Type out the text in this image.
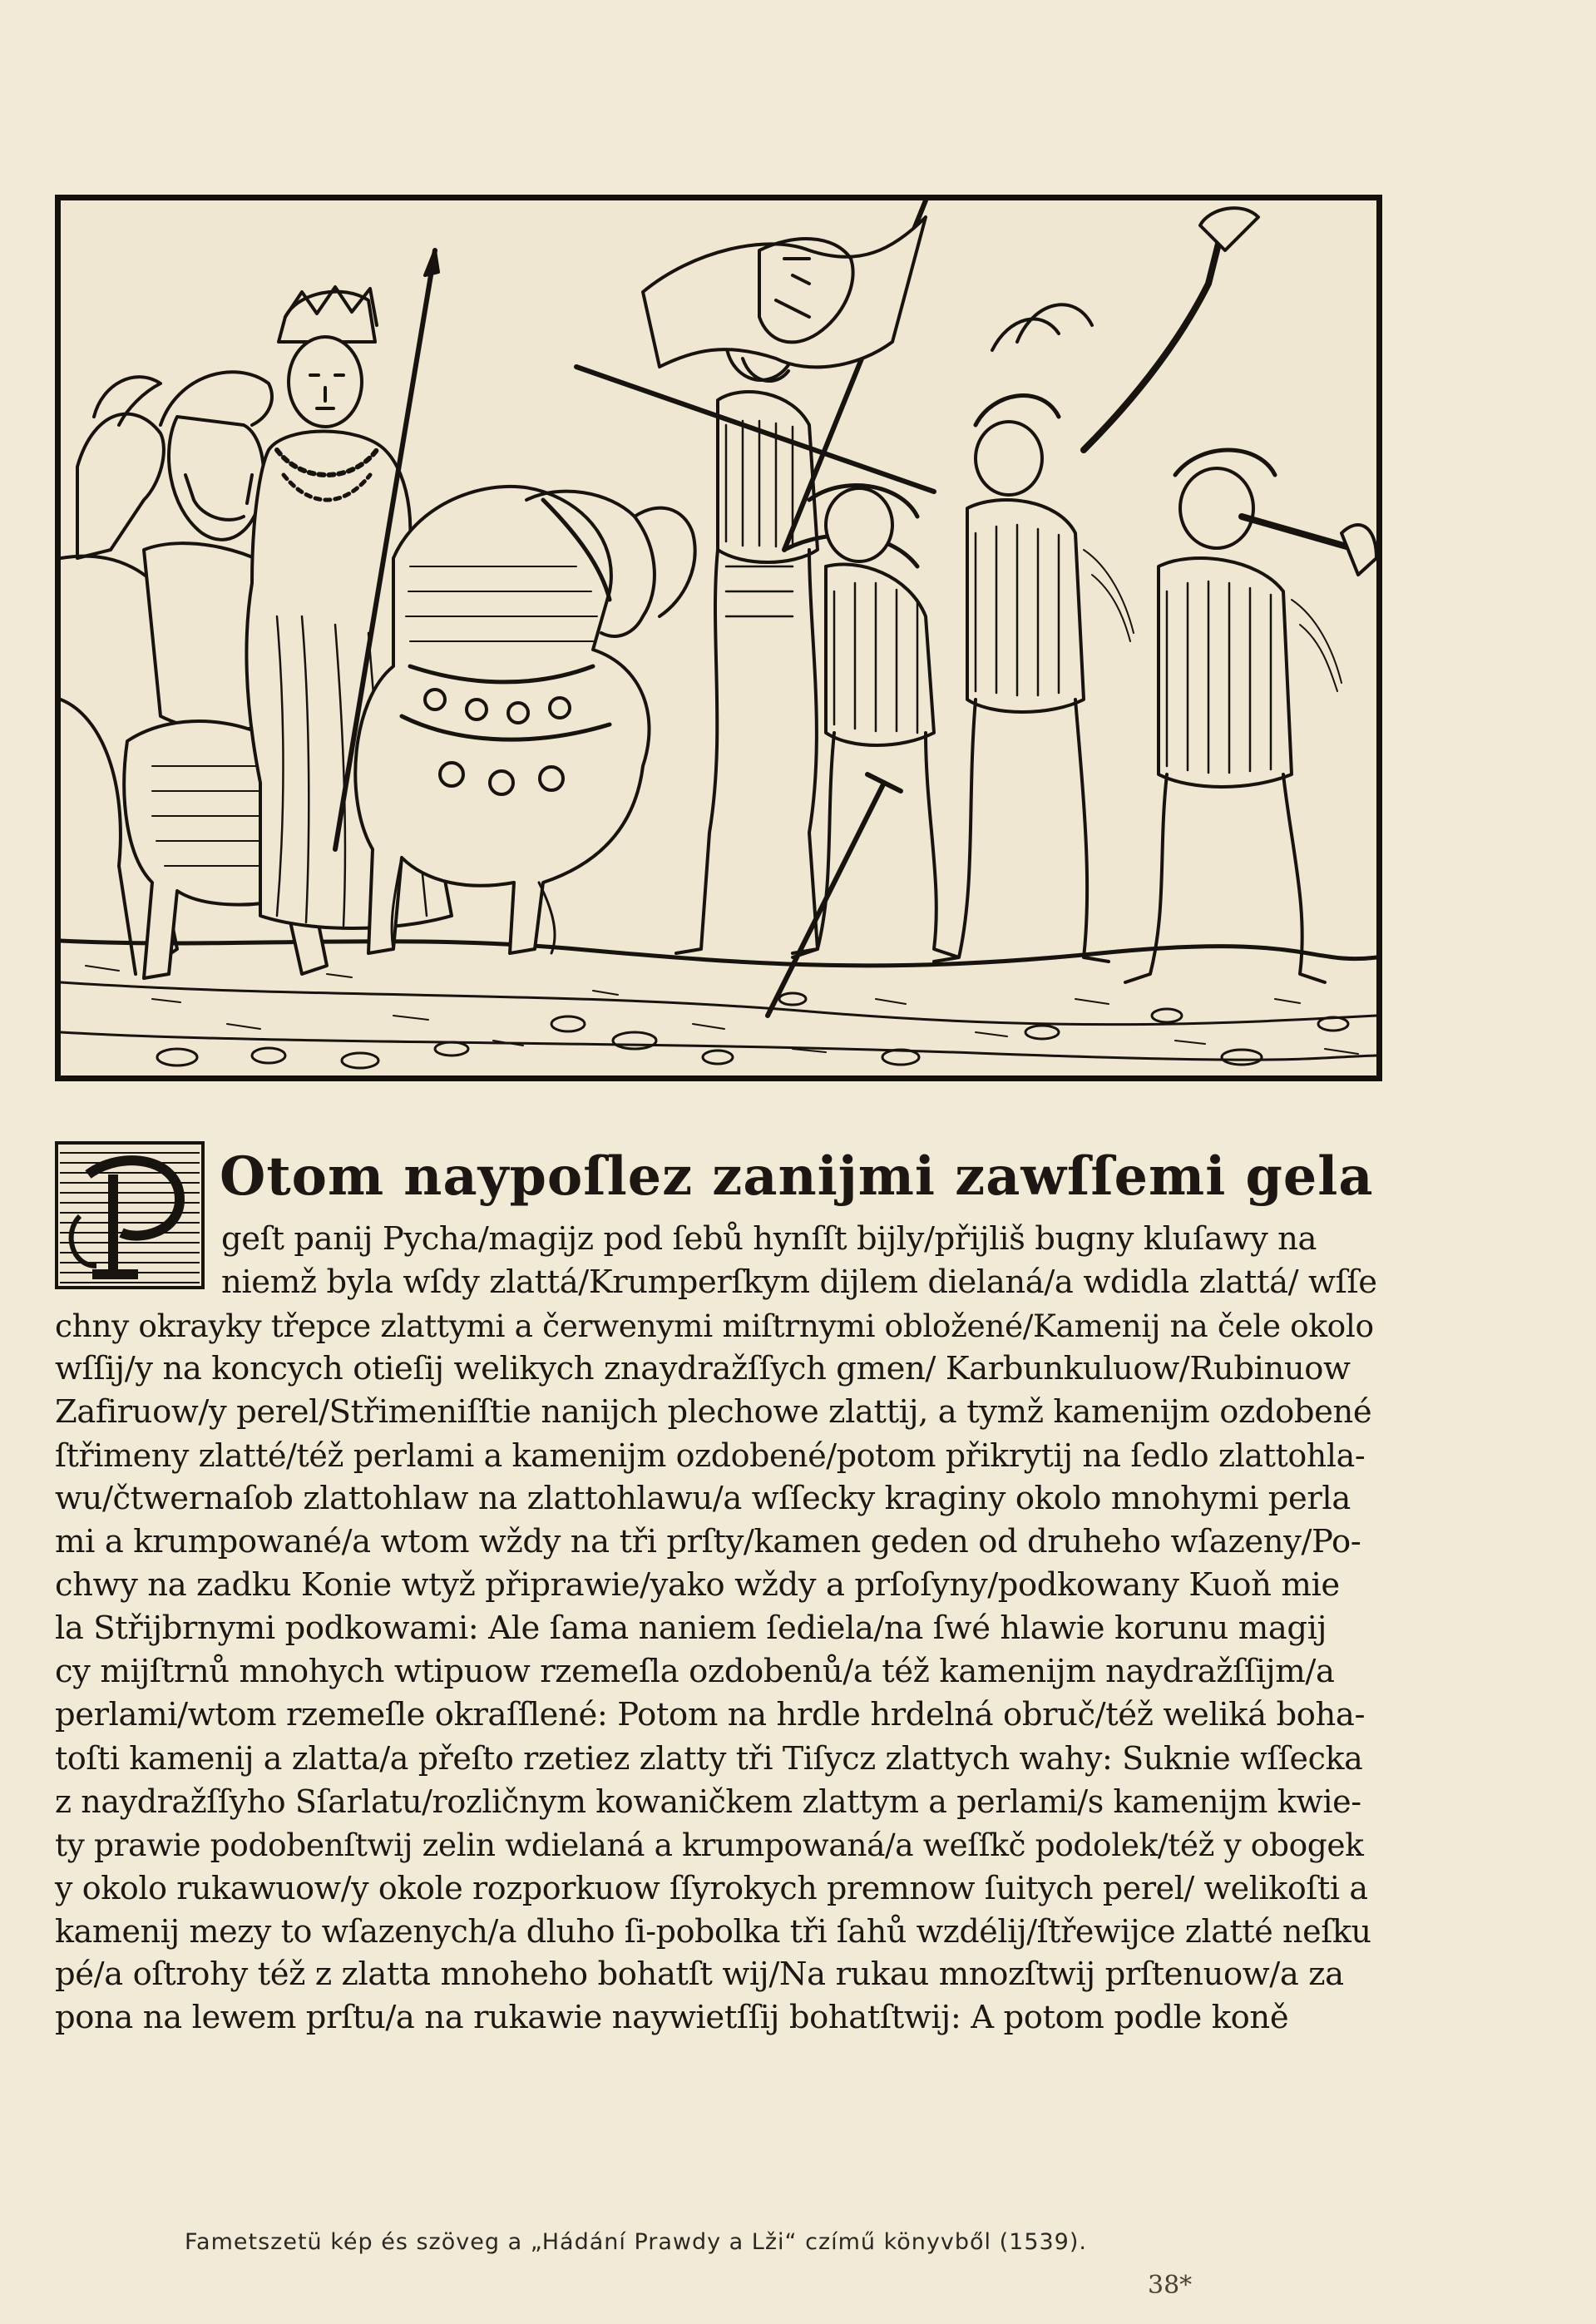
P
Otom naypoſlez zanijmi zawſſemi gela
geſt panij Pycha/magijz pod ſebů hynſſt bijly/přijliš bugny kluſawy na
niemž byla wſdy zlattá/Krumperſkym dijlem dielaná/a wdidla zlattá/ wſſe
chny okrayky třepce zlattymi a čerwenymi miſtrnymi obložené/Kamenij na čele okolo
wſſij/y na koncych otieſij welikych znaydražſſych gmen/ Karbunkuluow/Rubinuow
Zafiruow/y perel/Střimeniſſtie nanijch plechowe zlattij, a tymž kamenijm ozdobené
ſtřimeny zlatté/též perlami a kamenijm ozdobené/potom přikrytij na ſedlo zlattohla-
wu/čtwernaſob zlattohlaw na zlattohlawu/a wſſecky kraginy okolo mnohymi perla
mi a krumpowané/a wtom wždy na tři prſty/kamen geden od druheho wſazeny/Po-
chwy na zadku Konie wtyž připrawie/yako wždy a prſoſyny/podkowany Kuoň mie
la Střijbrnymi podkowami: Ale ſama naniem ſediela/na ſwé hlawie korunu magij
cy mijſtrnů mnohych wtipuow rzemeſla ozdobenů/a též kamenijm naydražſſijm/a
perlami/wtom rzemeſle okraſſlené: Potom na hrdle hrdelná obruč/též weliká boha-
toſti kamenij a zlatta/a přeſto rzetiez zlatty tři Tiſycz zlattych wahy: Suknie wſſecka
z naydražſſyho Sſarlatu/rozličnym kowaničkem zlattym a perlami/s kamenijm kwie-
ty prawie podobenſtwij zelin wdielaná a krumpowaná/a weſſkč podolek/též y obogek
y okolo rukawuow/y okole rozporkuow ſſyrokych premnow ſuitych perel/ welikoſti a
kamenij mezy to wſazenych/a dluho ſi-pobolka tři ſahů wzdélij/ſtřewijce zlatté neſku
pé/a oſtrohy též z zlatta mnoheho bohatſt wij/Na rukau mnozſtwij prſtenuow/a za
pona na lewem prſtu/a na rukawie naywietſſij bohatſtwij: A potom podle koně
Fametszetü kép és szöveg a „Hádání Prawdy a Lži“ czímű könyvből (1539).
38*
